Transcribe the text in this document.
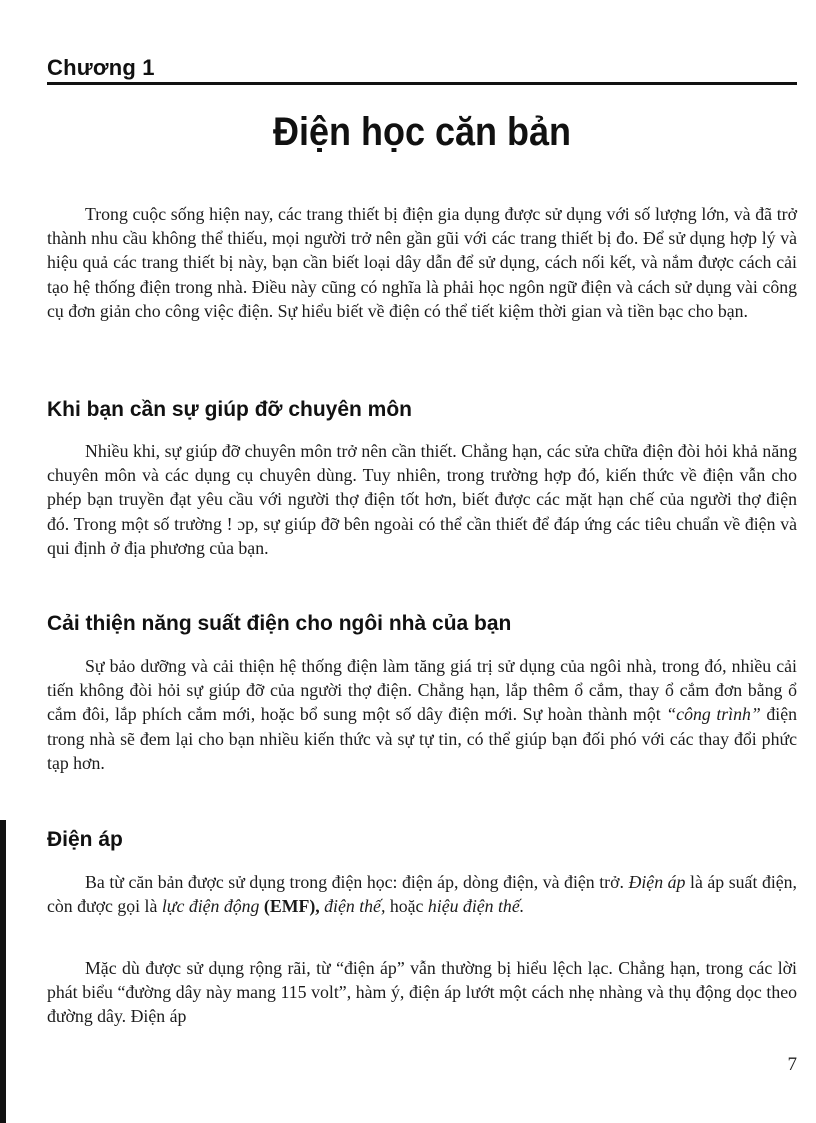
Chương 1
Điện học căn bản

Trong cuộc sống hiện nay, các trang thiết bị điện gia dụng được sử dụng với số lượng lớn, và đã trở thành nhu cầu không thể thiếu, mọi người trở nên gần gũi với các trang thiết bị đo. Để sử dụng hợp lý và hiệu quả các trang thiết bị này, bạn cần biết loại dây dẫn để sử dụng, cách nối kết, và nắm được cách cải tạo hệ thống điện trong nhà. Điều này cũng có nghĩa là phải học ngôn ngữ điện và cách sử dụng vài công cụ đơn giản cho công việc điện. Sự hiểu biết về điện có thể tiết kiệm thời gian và tiền bạc cho bạn.

Khi bạn cần sự giúp đỡ chuyên môn

Nhiều khi, sự giúp đỡ chuyên môn trở nên cần thiết. Chẳng hạn, các sửa chữa điện đòi hỏi khả năng chuyên môn và các dụng cụ chuyên dùng. Tuy nhiên, trong trường hợp đó, kiến thức về điện vẫn cho phép bạn truyền đạt yêu cầu với người thợ điện tốt hơn, biết được các mặt hạn chế của người thợ điện đó. Trong một số trường ! ɔp, sự giúp đỡ bên ngoài có thể cần thiết để đáp ứng các tiêu chuẩn về điện và qui định ở địa phương của bạn.

Cải thiện năng suất điện cho ngôi nhà của bạn

Sự bảo dưỡng và cải thiện hệ thống điện làm tăng giá trị sử dụng của ngôi nhà, trong đó, nhiều cải tiến không đòi hỏi sự giúp đỡ của người thợ điện. Chẳng hạn, lắp thêm ổ cắm, thay ổ cắm đơn bằng ổ cắm đôi, lắp phích cắm mới, hoặc bổ sung một số dây điện mới. Sự hoàn thành một “công trình” điện trong nhà sẽ đem lại cho bạn nhiều kiến thức và sự tự tin, có thể giúp bạn đối phó với các thay đổi phức tạp hơn.

Điện áp

Ba từ căn bản được sử dụng trong điện học: điện áp, dòng điện, và điện trở. Điện áp là áp suất điện, còn được gọi là lực điện động (EMF), điện thế, hoặc hiệu điện thế.

Mặc dù được sử dụng rộng rãi, từ “điện áp” vẫn thường bị hiểu lệch lạc. Chẳng hạn, trong các lời phát biểu “đường dây này mang 115 volt”, hàm ý, điện áp lướt một cách nhẹ nhàng và thụ động dọc theo đường dây. Điện áp

7
